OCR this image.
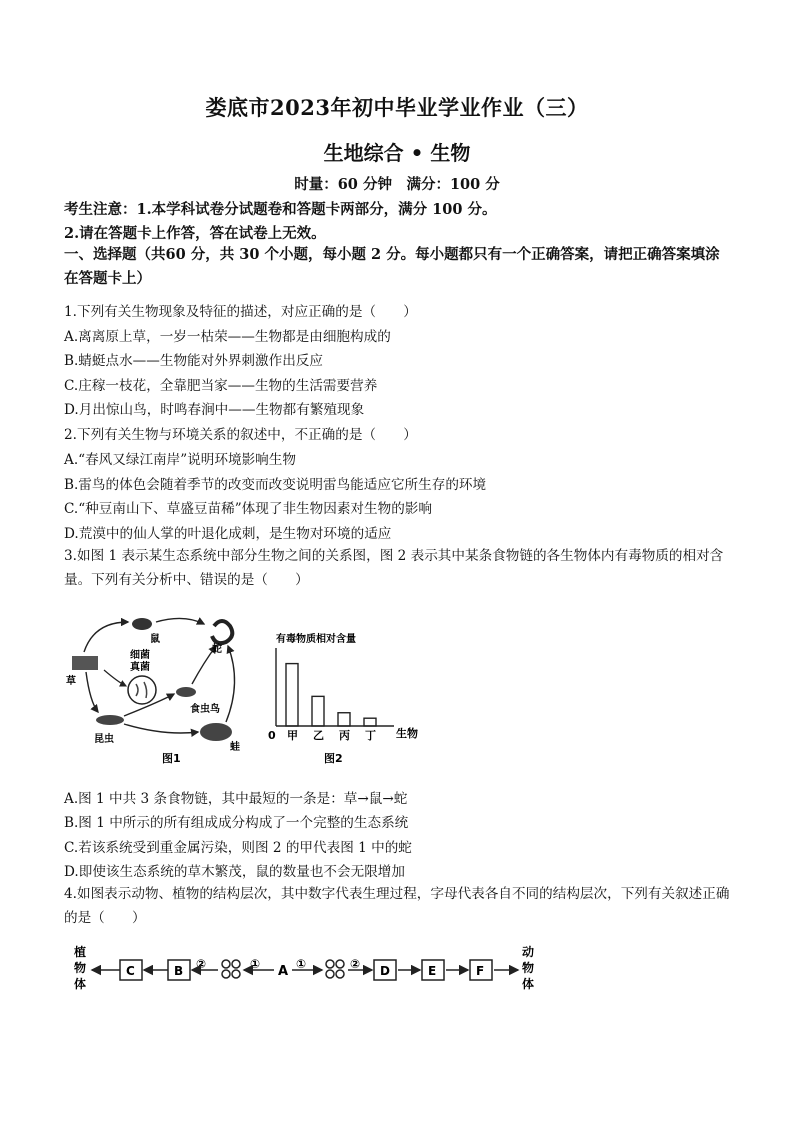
娄底市2023年初中毕业学业作业（三）
生地综合 • 生物
时量：60 分钟　满分：100 分
考生注意：1.本学科试卷分试题卷和答题卡两部分，满分 100 分。
2.请在答题卡上作答，答在试卷上无效。
一、选择题（共60 分，共 30 个小题，每小题 2 分。每小题都只有一个正确答案，请把正确答案填涂在答题卡上）
1.下列有关生物现象及特征的描述，对应正确的是（　　）
A.离离原上草，一岁一枯荣——生物都是由细胞构成的
B.蜻蜓点水——生物能对外界刺激作出反应
C.庄稼一枝花，全靠肥当家——生物的生活需要营养
D.月出惊山鸟，时鸣春涧中——生物都有繁殖现象
2.下列有关生物与环境关系的叙述中，不正确的是（　　）
A.“春风又绿江南岸”说明环境影响生物
B.雷鸟的体色会随着季节的改变而改变说明雷鸟能适应它所生存的环境
C.“种豆南山下、草盛豆苗稀”体现了非生物因素对生物的影响
D.荒漠中的仙人掌的叶退化成刺，是生物对环境的适应
3.如图 1 表示某生态系统中部分生物之间的关系图，图 2 表示其中某条食物链的各生物体内有毒物质的相对含量。下列有关分析中、错误的是（　　）
鼠
蛇
草
细菌
真菌
食虫鸟
昆虫
蛙
图1
有毒物质相对含量
0	生物
甲 乙 丙 丁
图2
A.图 1 中共 3 条食物链，其中最短的一条是：草→鼠→蛇
B.图 1 中所示的所有组成成分构成了一个完整的生态系统
C.若该系统受到重金属污染，则图 2 的甲代表图 1 中的蛇
D.即使该生态系统的草木繁茂，鼠的数量也不会无限增加
4.如图表示动物、植物的结构层次，其中数字代表生理过程，字母代表各自不同的结构层次，下列有关叙述正确的是（　　）
植
物
体
C	B ②	① A ①	② D	E	F
动
物
体
